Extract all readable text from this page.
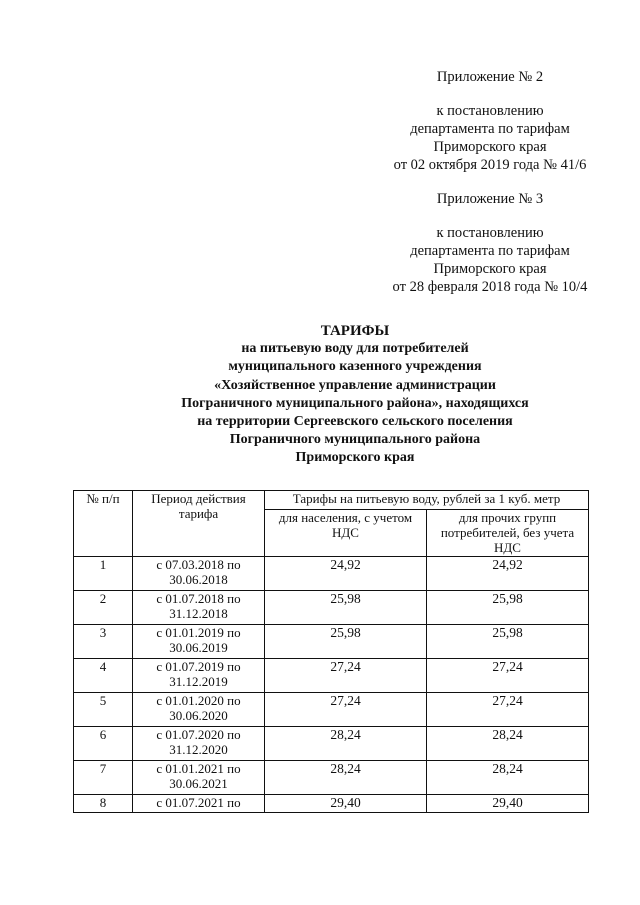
Приложение № 2
к постановлению
департамента по тарифам
Приморского края
от 02 октября 2019 года № 41/6
Приложение № 3
к постановлению
департамента по тарифам
Приморского края
от 28 февраля 2018 года № 10/4
ТАРИФЫ
на питьевую воду для потребителей
муниципального казенного учреждения
«Хозяйственное управление администрации
Пограничного муниципального района», находящихся
на территории Сергеевского сельского поселения
Пограничного муниципального района
Приморского края
№ п/п	Период действия тарифа	Тарифы на питьевую воду, рублей за 1 куб. метр	
		для населения, с учетом НДС	для прочих групп потребителей, без учета НДС
1	с 07.03.2018 по 30.06.2018	24,92	24,92
2	с 01.07.2018 по 31.12.2018	25,98	25,98
3	с 01.01.2019 по 30.06.2019	25,98	25,98
4	с 01.07.2019 по 31.12.2019	27,24	27,24
5	с 01.01.2020 по 30.06.2020	27,24	27,24
6	с 01.07.2020 по 31.12.2020	28,24	28,24
7	с 01.01.2021 по 30.06.2021	28,24	28,24
8	с 01.07.2021 по	29,40	29,40
